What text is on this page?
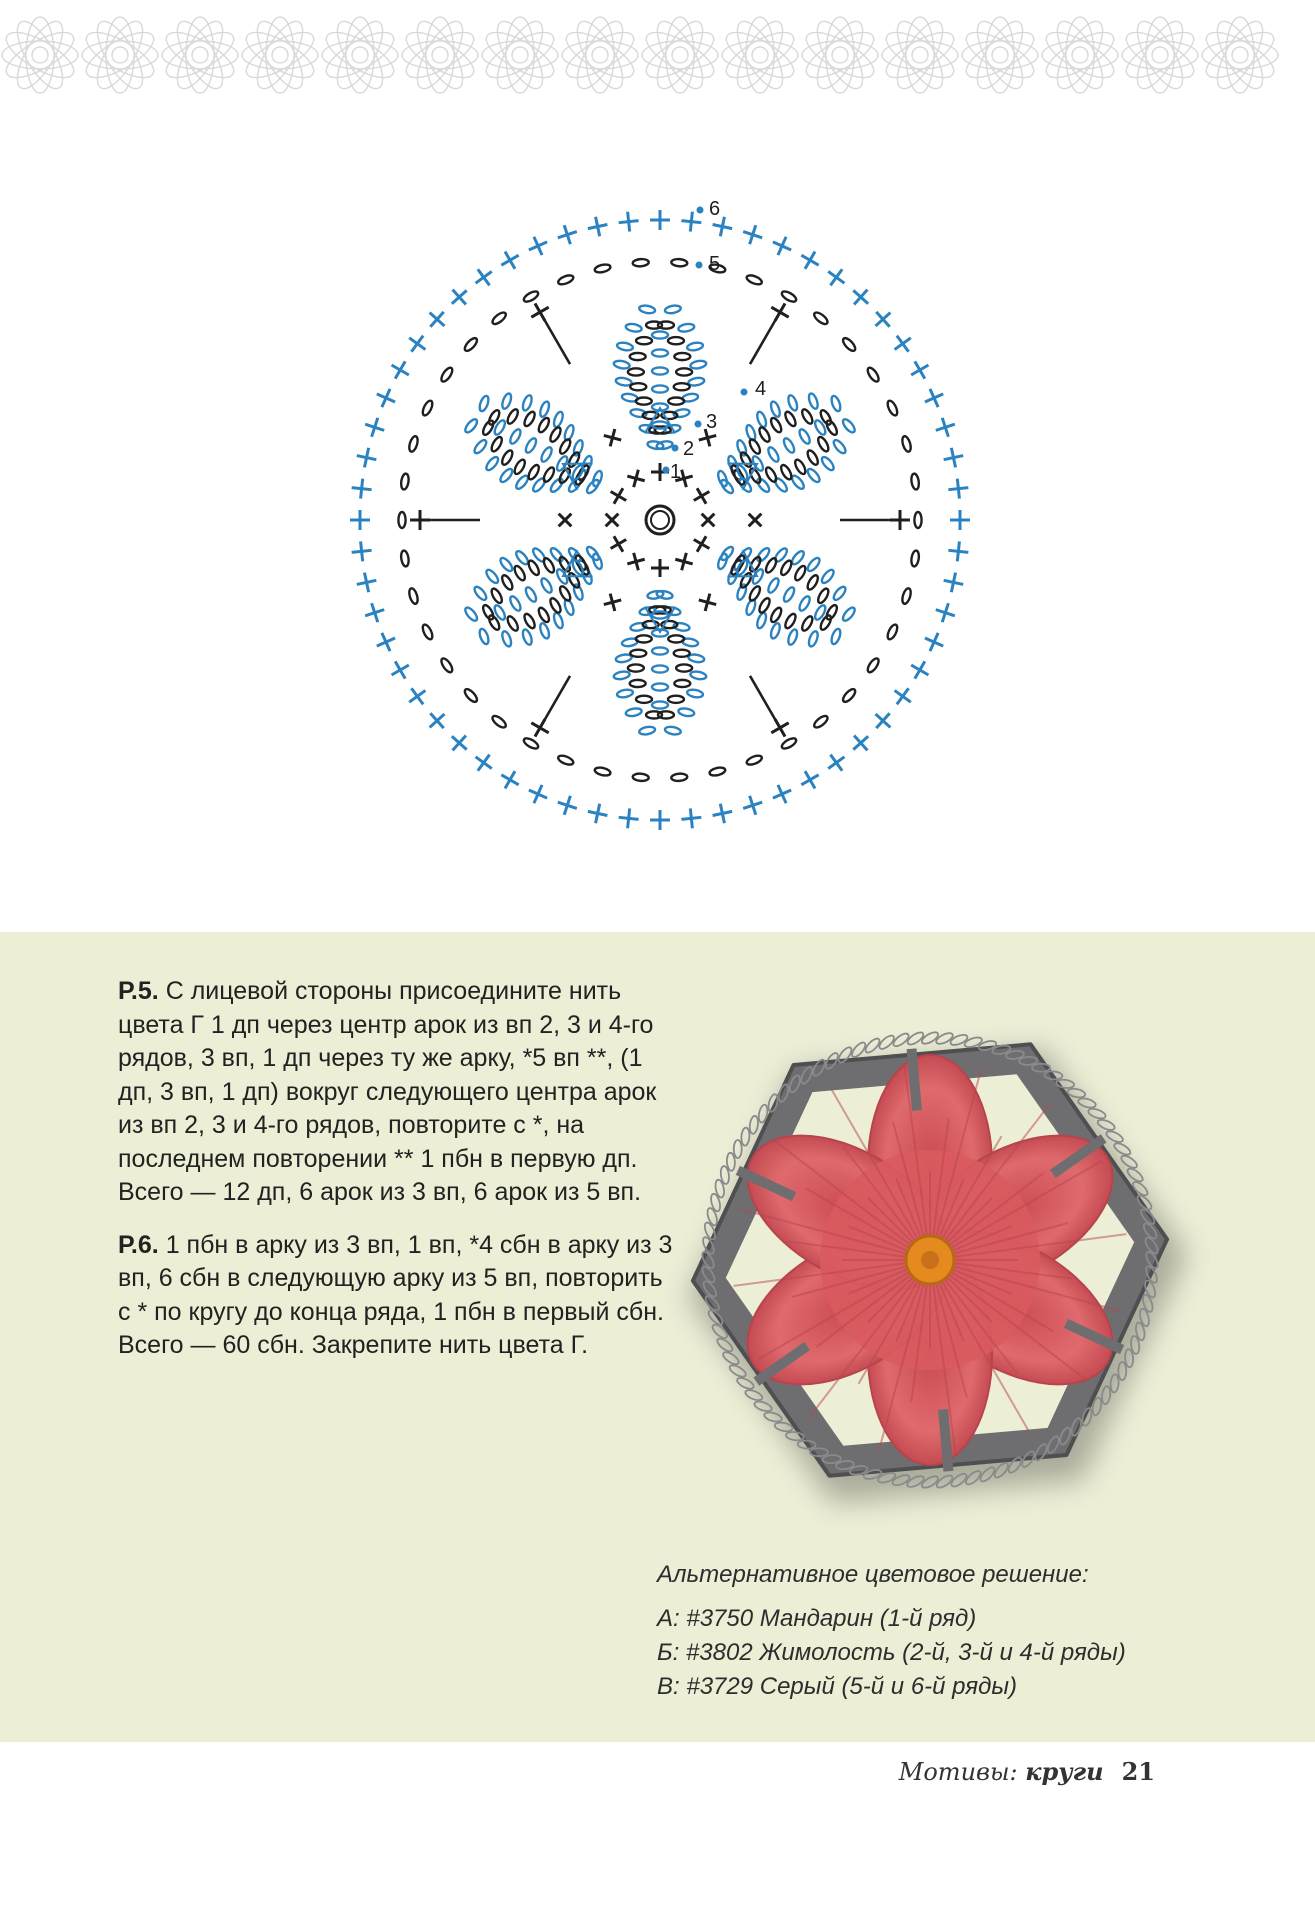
1
2
3
4
5
6

Р.5. С лицевой стороны присоедините нить цвета Г 1 дп через центр арок из вп 2, 3 и 4-го рядов, 3 вп, 1 дп через ту же арку, *5 вп **, (1 дп, 3 вп, 1 дп) вокруг следующего центра арок из вп 2, 3 и 4-го рядов, повторите с *, на последнем повторении ** 1 пбн в первую дп. Всего — 12 дп, 6 арок из 3 вп, 6 арок из 5 вп.

Р.6. 1 пбн в арку из 3 вп, 1 вп, *4 сбн в арку из 3 вп, 6 сбн в следующую арку из 5 вп, повторить с * по кругу до конца ряда, 1 пбн в первый сбн. Всего — 60 сбн. Закрепите нить цвета Г.

Альтернативное цветовое решение:
А: #3750 Мандарин (1-й ряд)
Б: #3802 Жимолость (2-й, 3-й и 4-й ряды)
В: #3729 Серый (5-й и 6-й ряды)
Мотивы: круги 21
